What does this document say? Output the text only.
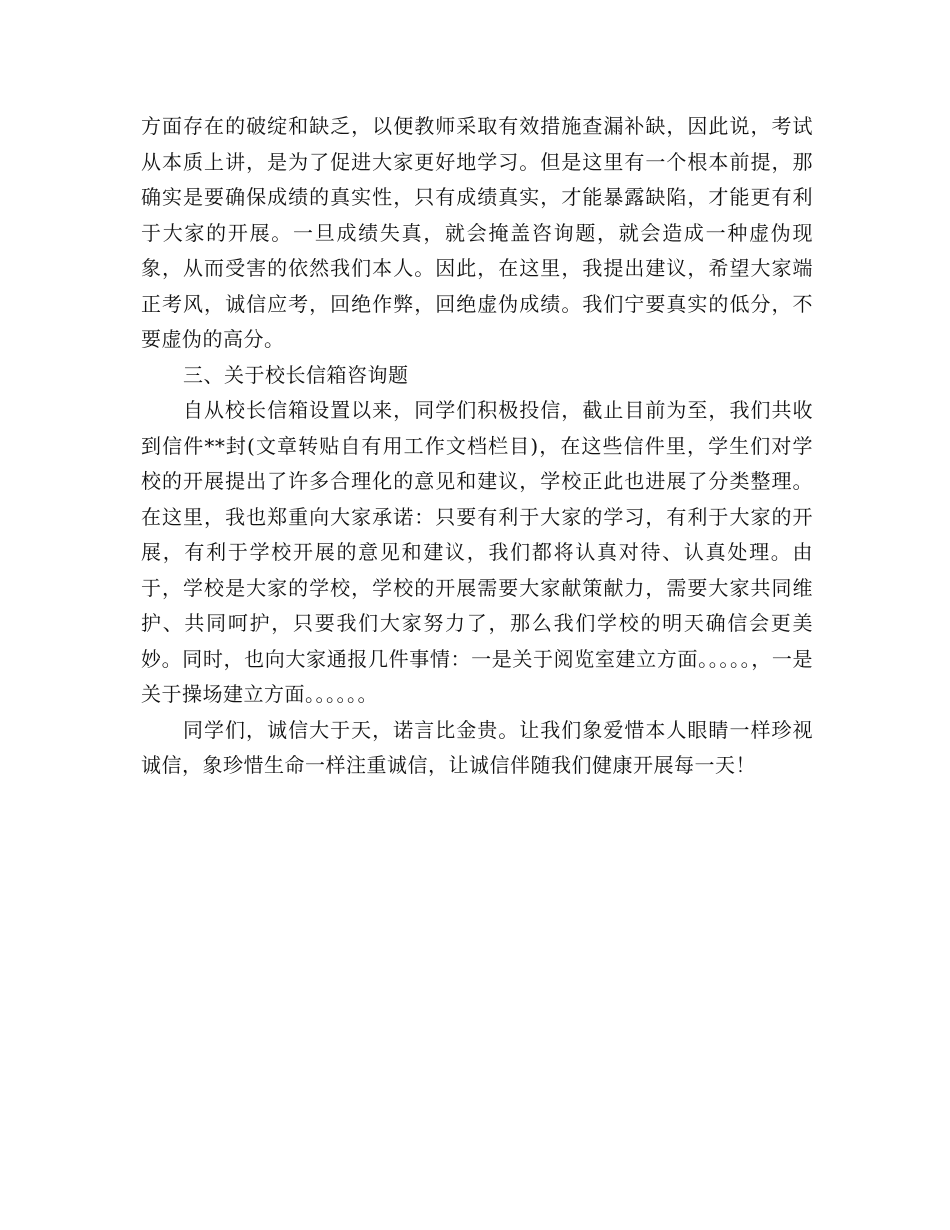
方面存在的破绽和缺乏，以便教师采取有效措施查漏补缺，因此说，考试从本质上讲，是为了促进大家更好地学习。但是这里有一个根本前提，那确实是要确保成绩的真实性，只有成绩真实，才能暴露缺陷，才能更有利于大家的开展。一旦成绩失真，就会掩盖咨询题，就会造成一种虚伪现象，从而受害的依然我们本人。因此，在这里，我提出建议，希望大家端正考风，诚信应考，回绝作弊，回绝虚伪成绩。我们宁要真实的低分，不要虚伪的高分。

三、关于校长信箱咨询题

自从校长信箱设置以来，同学们积极投信，截止目前为至，我们共收到信件**封(文章转贴自有用工作文档栏目)，在这些信件里，学生们对学校的开展提出了许多合理化的意见和建议，学校正此也进展了分类整理。在这里，我也郑重向大家承诺：只要有利于大家的学习，有利于大家的开展，有利于学校开展的意见和建议，我们都将认真对待、认真处理。由于，学校是大家的学校，学校的开展需要大家献策献力，需要大家共同维护、共同呵护，只要我们大家努力了，那么我们学校的明天确信会更美妙。同时，也向大家通报几件事情：一是关于阅览室建立方面。。。。。，一是关于操场建立方面。。。。。。

同学们，诚信大于天，诺言比金贵。让我们象爱惜本人眼睛一样珍视诚信，象珍惜生命一样注重诚信，让诚信伴随我们健康开展每一天！
